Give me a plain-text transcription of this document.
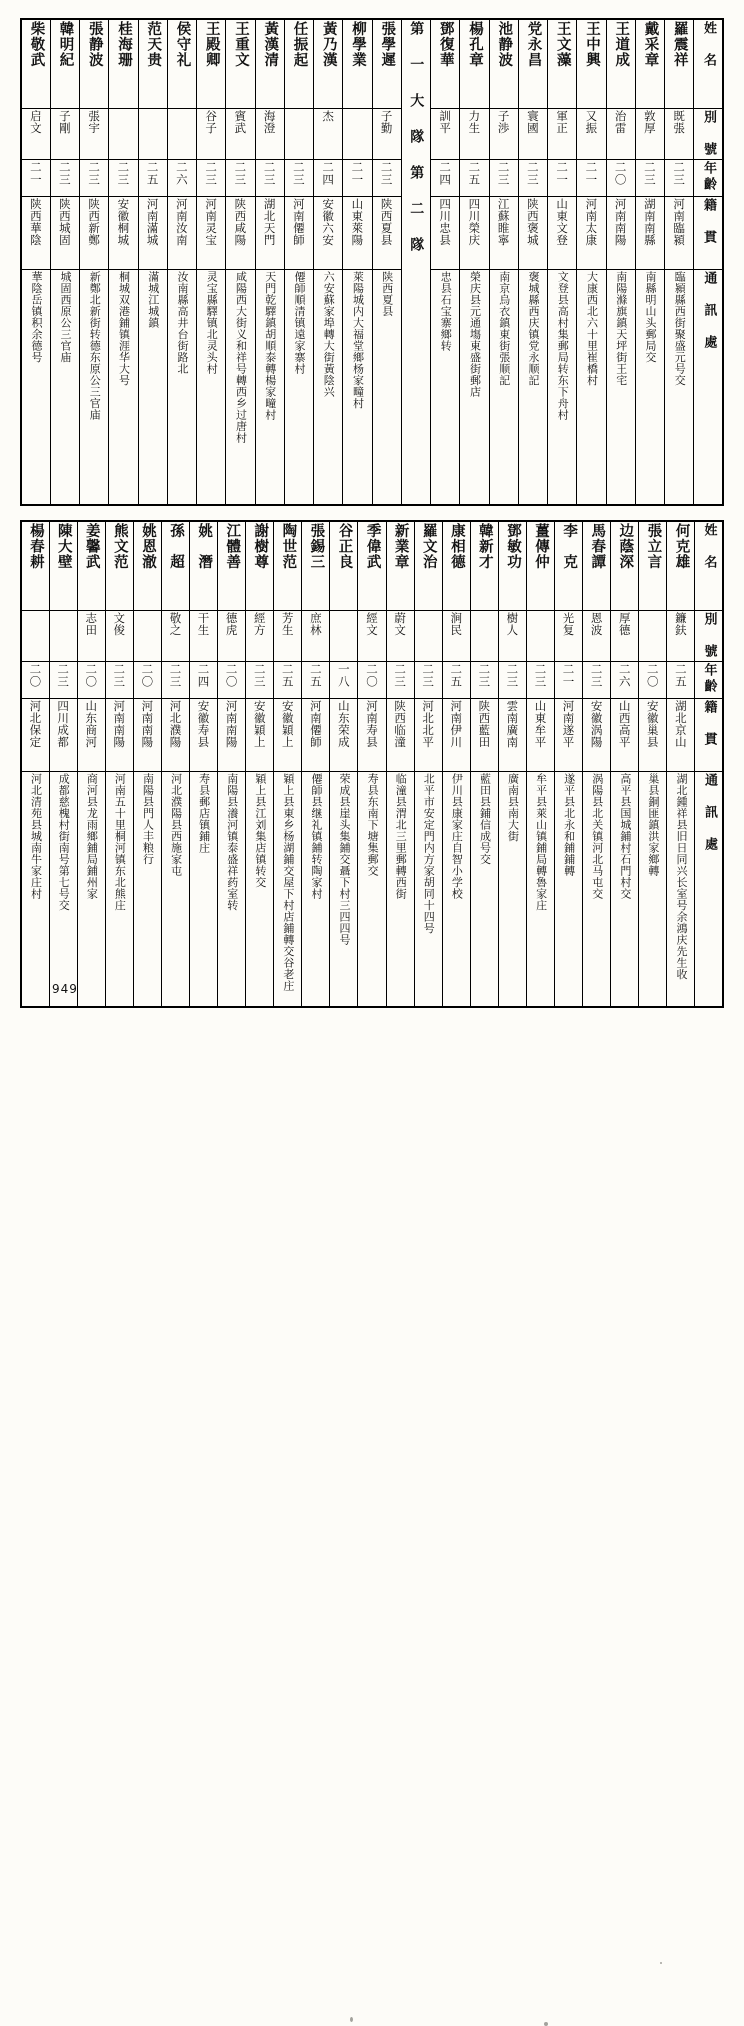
柴敬武	韓明紀	張静波	桂海珊	范天贵	侯守礼	王殿卿	王重文	黃漢清	任振起	黃乃漢	柳學業	張學遲	第 一 大 隊 第 二 隊	鄧復華	楊孔章	池静波	党永昌	王文藻	王中興	王道成	戴采章	羅震祥	姓　名

启文	子剛	張宇				谷子	賓武	海澄		杰		子勤		訓平	力生	子渉	寰國	軍正	又振	治雷	敦厚	既張	別　號

二一	二三	二三	二三	二五	二六	二三	二三	二三	二三	二四	二一	二三		二四	二五	二三	二三	二一	二一	二〇	二三	二三	年齡

陕西華陰	陕西城固	陕西新鄭	安徽桐城	河南滿城	河南汝南	河南灵宝	陕西咸陽	湖北天門	河南僊師	安徽六安	山東萊陽	陕西夏县		四川忠县	四川榮庆	江蘇睢寧	陕西褒城	山東文登	河南太康	河南南陽	湖南南縣	河南臨潁	籍　貫

華陰岳镇积余德号	城固西原公三官庙	新鄭北新街转德东原公三官庙	桐城双港鋪镇涯华大号	滿城江城鎮	汝南縣高井台街路北	灵宝縣驛镇北灵头村	咸陽西大街义和祥号轉西乡过唐村	天門乾驛鎮胡順泰轉楊家疃村	僊師順清镇遠家寨村	六安蘇家埠轉大街黃陰兴	萊陽城内大福堂鄉杨家疃村	陕西夏县		忠县石宝寨鄉转	榮庆县元通塲東盛街郵店	南京烏衣鎮東街張顺記	褒城縣西庆镇党永顺記	文登县高村集郵局转东下舟村	大康西北六十里崔橋村	南陽滌旗鎮天坪街王宅	南縣明山头郵局交	臨潁縣西街聚盛元号交	通　訊　處
楊春耕	陳大壁	姜馨武	熊文范	姚恩澈	孫　超	姚　潛	江體善	謝樹尊	陶世范	張錫三	谷正良	季偉武	新業章	羅文治	康相德	韓新才	鄧敏功	薑傳仲	李　克	馬春譚	边蔭深	張立言	何克雄	姓　名

		志田	文俊		敬之	干生	德虎	經方	芳生	庶林		經文	蔚文		涧民		樹人		光复	恩波	厚德		鐮鈇	別　號

二〇	二三	二〇	二三	二〇	二三	二四	二〇	二三	二五	二五	一八	二〇	二三	二三	二五	二三	二三	二三	二一	二三	二六	二〇	二五	年齡

河北保定	四川成都	山东商河	河南南陽	河南南陽	河北濮陽	安徽寿县	河南南陽	安徽穎上	安徽穎上	河南僊師	山东荣成	河南寿县	陕西临潼	河北北平	河南伊川	陕西藍田	雲南廣南	山東牟平	河南遂平	安徽涡陽	山西高平	安徽巢县	湖北京山	籍　貫

河北清苑县城南牛家庄村	成都慈槐村街南号第七号交	商河县龙雨鄉鋪局鋪州家	河南五十里桐河镇东北熊庄	南陽县門人丰粮行	河北濮陽县西施家屯	寿县郵店镇鋪庄	南陽县瀁河镇泰盛祥药室转	穎上县江刘集店镇转交	穎上县東乡杨湖鋪交屋下村店鋪轉交谷老庄	僊師县继礼镇鋪转陶家村	荣成县崖头集鋪交聶下村三四四号	寿县东南下塘集郵交	临潼县渭北三里郵轉西街	北平市安定門内方家胡同十四号	伊川县康家庄自智小学校	藍田县鋪信成号交	廣南县南大街	牟平县萊山镇鋪局轉魯家庄	遂平县北永和鋪鋪轉	涡陽县北关镇河北马屯交	高平县国城鋪村石門村交	巢县銅匪鎮洪家鄉轉	湖北鍾祥县旧日同兴长室号余鴻庆先生收	通　訊　處
949
